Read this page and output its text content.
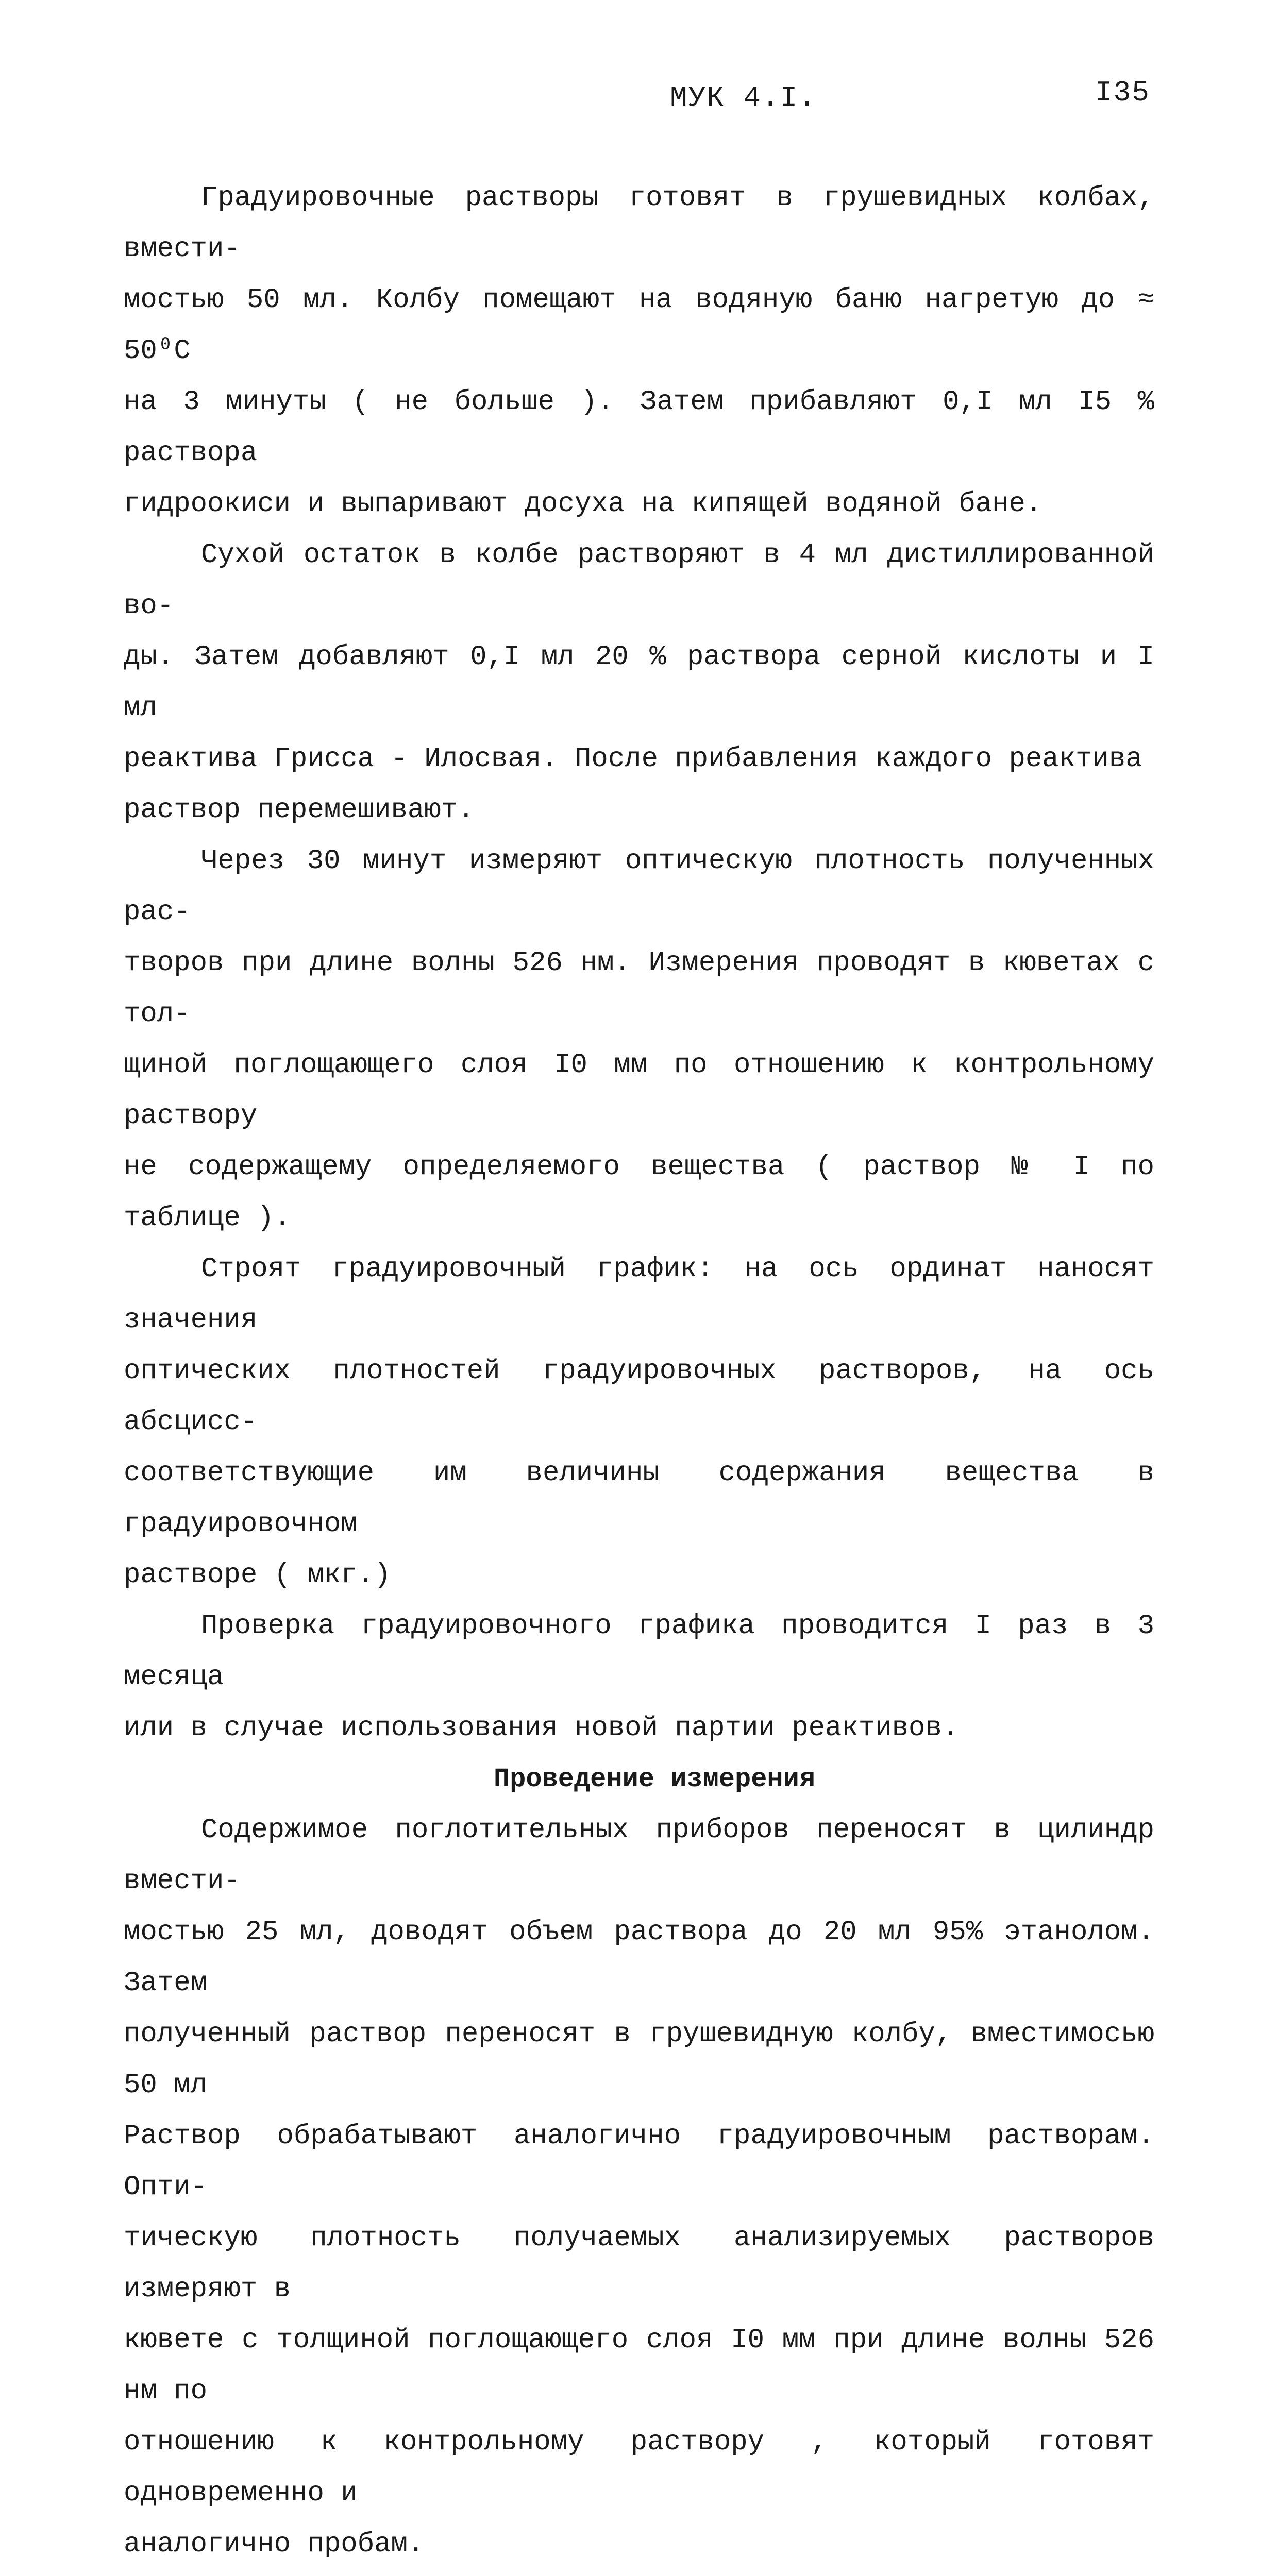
МУК 4.I.	I35

Градуировочные растворы готовят в грушевидных колбах, вмести-
мостью 50 мл. Колбу помещают на водяную баню нагретую до ≈ 50⁰С
на 3 минуты ( не больше ). Затем прибавляют 0,I мл I5 % раствора
гидроокиси и выпаривают досуха на кипящей водяной бане.

Сухой остаток в колбе растворяют в 4 мл дистиллированной во-
ды. Затем добавляют 0,I мл 20 % раствора серной кислоты и I мл
реактива Грисса - Илосвая. После прибавления каждого реактива
раствор перемешивают.

Через 30 минут измеряют оптическую плотность полученных рас-
творов при длине волны 526 нм. Измерения проводят в кюветах с тол-
щиной поглощающего слоя I0 мм по отношению к контрольному раствору
не содержащему определяемого вещества ( раствор № I по таблице ).

Строят градуировочный график: на ось ординат наносят значения
оптических плотностей градуировочных растворов, на ось абсцисс-
соответствующие им величины содержания вещества в градуировочном
растворе ( мкг.)

Проверка градуировочного графика проводится I раз в 3 месяца
или в случае использования новой партии реактивов.

Проведение измерения

Содержимое поглотительных приборов переносят в цилиндр вмести-
мостью 25 мл, доводят объем раствора до 20 мл 95% этанолом. Затем
полученный раствор переносят в грушевидную колбу, вместимосью 50 мл
Раствор обрабатывают аналогично градуировочным растворам. Опти-
тическую плотность получаемых анализируемых растворов измеряют в
кювете с толщиной поглощающего слоя I0 мм при длине волны 526 нм по
отношению к контрольному раствору , который готовят одновременно и
аналогично пробам.
